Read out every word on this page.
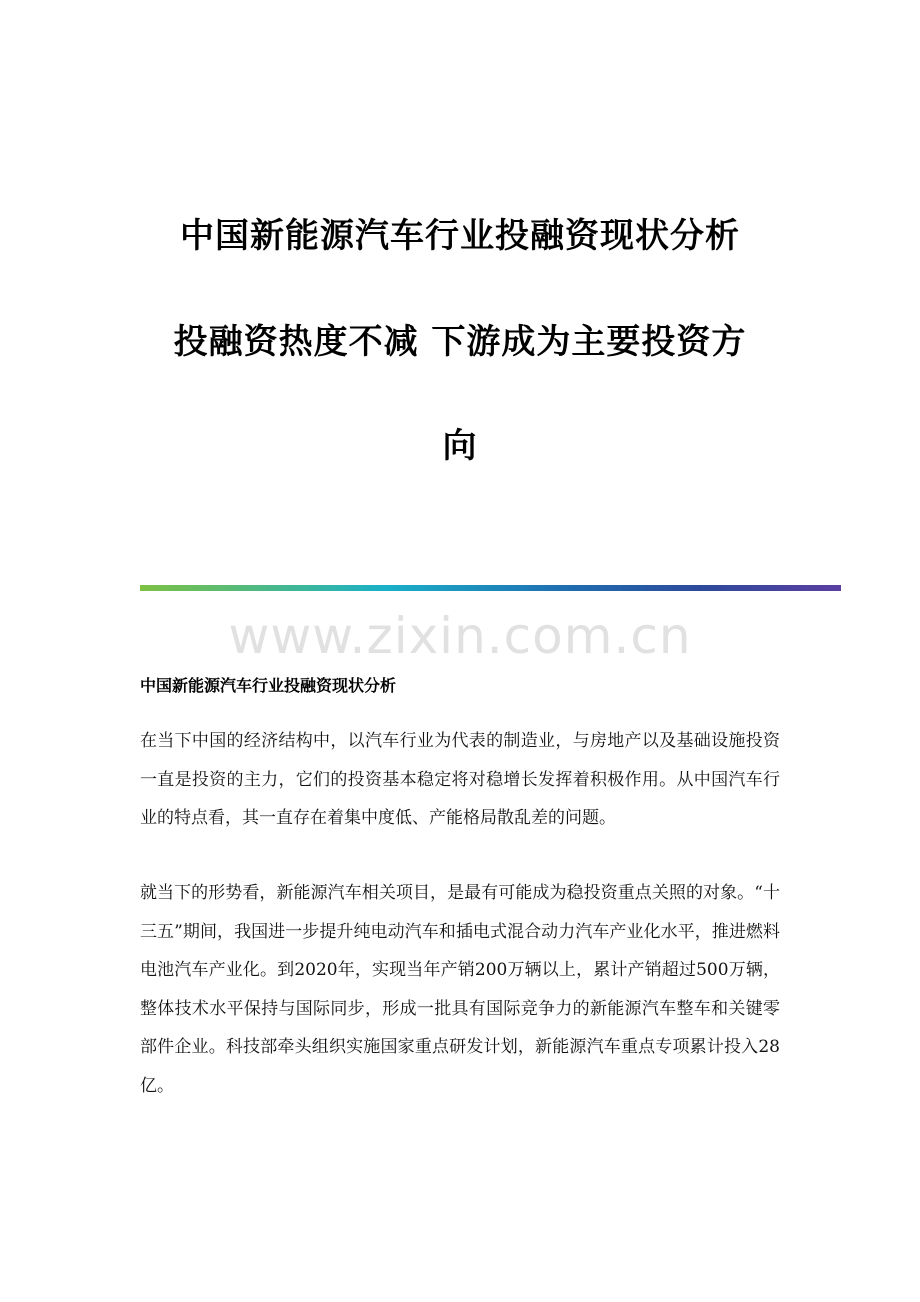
中国新能源汽车行业投融资现状分析
投融资热度不减 下游成为主要投资方
向
www.zixin.com.cn
中国新能源汽车行业投融资现状分析

在当下中国的经济结构中，以汽车行业为代表的制造业，与房地产以及基础设施投资一直是投资的主力，它们的投资基本稳定将对稳增长发挥着积极作用。从中国汽车行业的特点看，其一直存在着集中度低、产能格局散乱差的问题。

就当下的形势看，新能源汽车相关项目，是最有可能成为稳投资重点关照的对象。“十三五”期间，我国进一步提升纯电动汽车和插电式混合动力汽车产业化水平，推进燃料电池汽车产业化。到2020年，实现当年产销200万辆以上，累计产销超过500万辆，整体技术水平保持与国际同步，形成一批具有国际竞争力的新能源汽车整车和关键零部件企业。科技部牵头组织实施国家重点研发计划，新能源汽车重点专项累计投入28亿。
